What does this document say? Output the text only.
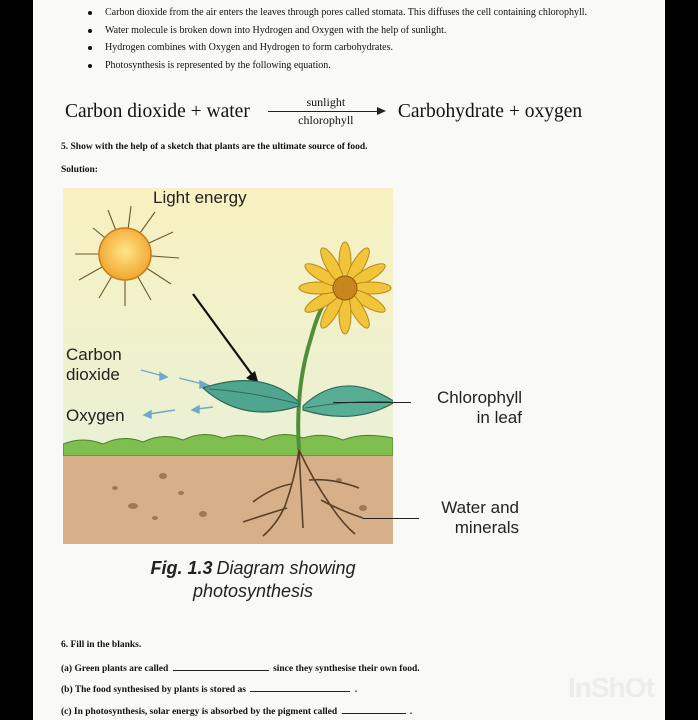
Carbon dioxide from the air enters the leaves through pores called stomata. This diffuses the cell containing chlorophyll.
Water molecule is broken down into Hydrogen and Oxygen with the help of sunlight.
Hydrogen combines with Oxygen and Hydrogen to form carbohydrates.
Photosynthesis is represented by the following equation.
Carbon dioxide + water	sunlight
chlorophyll	Carbohydrate + oxygen
5. Show with the help of a sketch that plants are the ultimate source of food.
Solution:
Light energy
Carbon
dioxide
Oxygen
Chlorophyll
in leaf
Water and
minerals
Fig. 1.3 Diagram showing
photosynthesis
6. Fill in the blanks.
(a) Green plants are called	since they synthesise their own food.
(b) The food synthesised by plants is stored as	.
(c) In photosynthesis, solar energy is absorbed by the pigment called	.
InShOt
